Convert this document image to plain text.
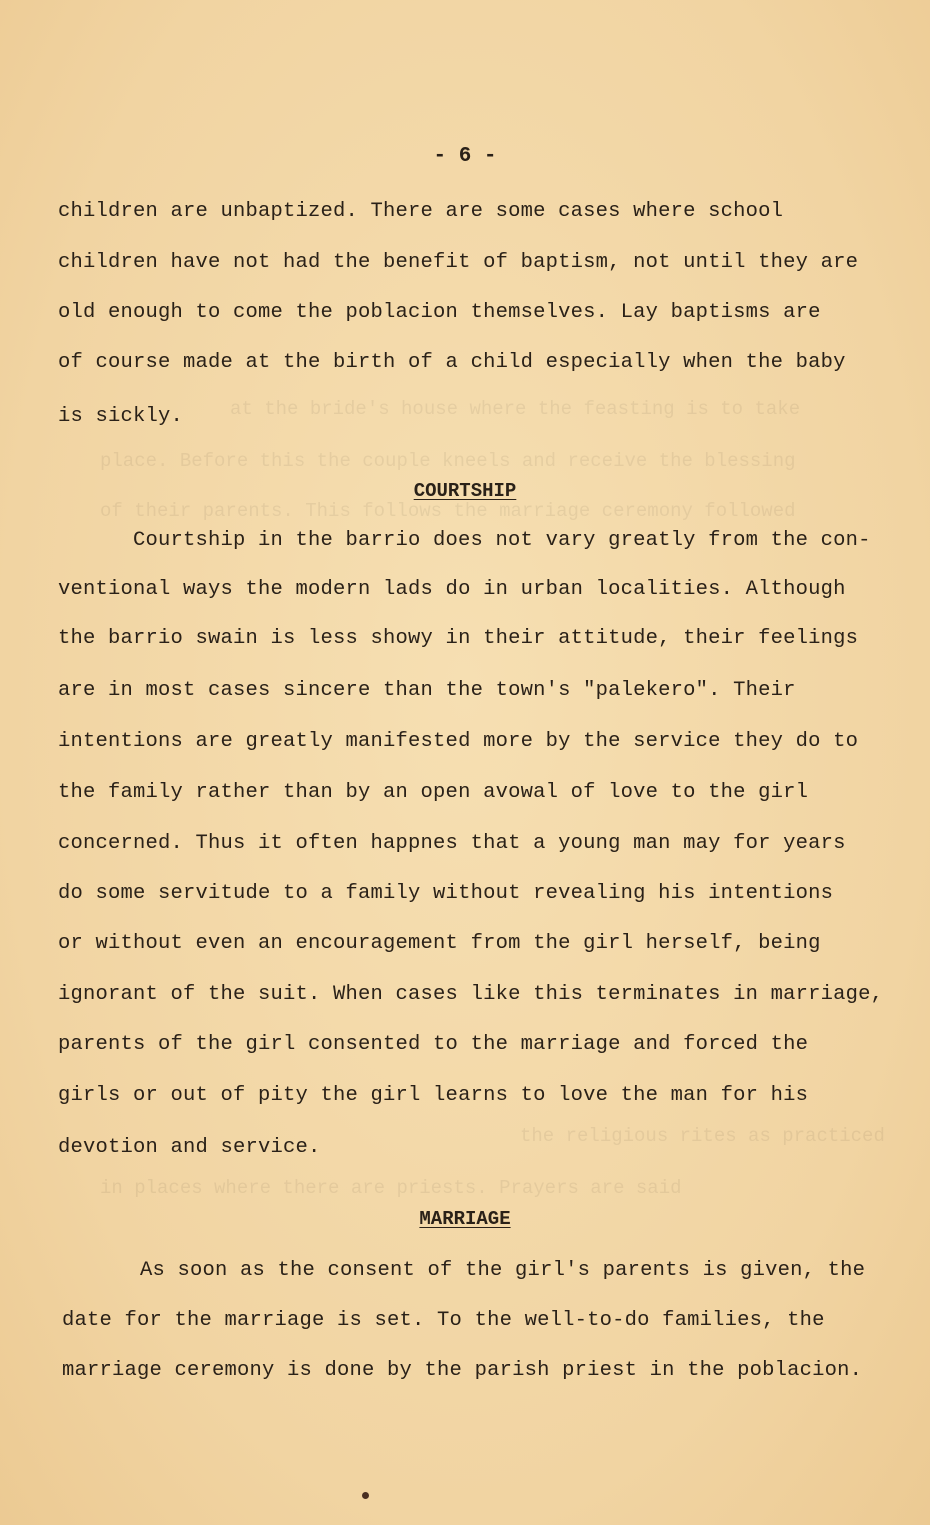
at the bride's house where the feasting is to take
place. Before this the couple kneels and receive the blessing
of their parents. This follows the marriage ceremony followed
the religious rites as practiced
in places where there are priests. Prayers are said
- 6 -
children are unbaptized. There are some cases where school
children have not had the benefit of baptism, not until they are
old enough to come the poblacion themselves. Lay baptisms are
of course made at the birth of a child especially when the baby
is sickly.
COURTSHIP
Courtship in the barrio does not vary greatly from the con-
ventional ways the modern lads do in urban localities. Although
the barrio swain is less showy in their attitude, their feelings
are in most cases sincere than the town's "palekero". Their
intentions are greatly manifested more by the service they do to
the family rather than by an open avowal of love to the girl
concerned. Thus it often happnes that a young man may for years
do some servitude to a family without revealing his intentions
or without even an encouragement from the girl herself, being
ignorant of the suit. When cases like this terminates in marriage,
parents of the girl consented to the marriage and forced the
girls or out of pity the girl learns to love the man for his
devotion and service.
MARRIAGE
As soon as the consent of the girl's parents is given, the
date for the marriage is set. To the well-to-do families, the
marriage ceremony is done by the parish priest in the poblacion.
